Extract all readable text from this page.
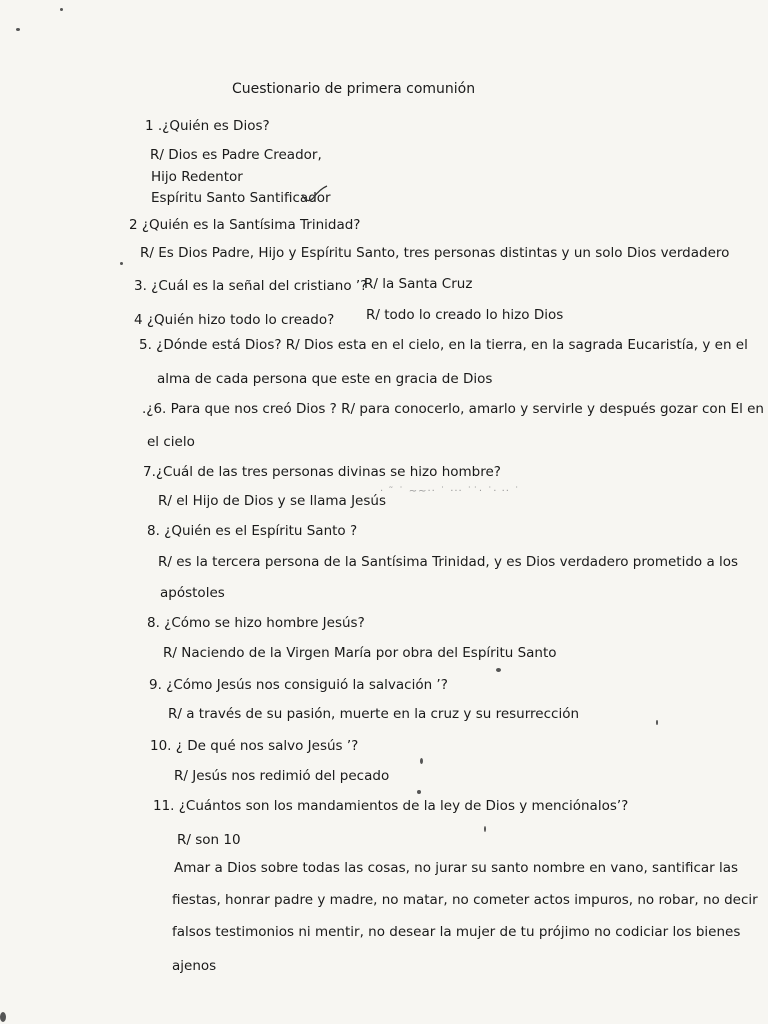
Cuestionario de primera comunión
1 .¿Quién es Dios?
R/ Dios es Padre Creador,
Hijo Redentor
Espíritu Santo Santificador
2 ¿Quién es la Santísima Trinidad?
R/ Es Dios Padre, Hijo y Espíritu Santo, tres personas distintas y un solo Dios verdadero
3. ¿Cuál es la señal del cristiano ’?
R/ la Santa Cruz
4 ¿Quién hizo todo lo creado? R/ todo lo creado lo hizo Dios
5. ¿Dónde está Dios? R/ Dios esta en el cielo, en la tierra, en la sagrada Eucaristía, y en el
alma de cada persona que este en gracia de Dios
.¿6. Para que nos creó Dios ? R/ para conocerlo, amarlo y servirle y después gozar con El en
el cielo
7.¿Cuál de las tres personas divinas se hizo hombre?
R/ el Hijo de Dios y se llama Jesús
8. ¿Quién es el Espíritu Santo ?
R/ es la tercera persona de la Santísima Trinidad, y es Dios verdadero prometido a los
apóstoles
8. ¿Cómo se hizo hombre Jesús?
R/ Naciendo de la Virgen María por obra del Espíritu Santo
9. ¿Cómo Jesús nos consiguió la salvación ’?
R/ a través de su pasión, muerte en la cruz y su resurrección
10. ¿ De qué nos salvo Jesús ’?
R/ Jesús nos redimió del pecado
11. ¿Cuántos son los mandamientos de la ley de Dios y menciónalos’?
R/ son 10
Amar a Dios sobre todas las cosas, no jurar su santo nombre en vano, santificar las
fiestas, honrar padre y madre, no matar, no cometer actos impuros, no robar, no decir
falsos testimonios ni mentir, no desear la mujer de tu prójimo no codiciar los bienes
ajenos
· ˜ ˙ ~~·· ˙ ··· ˙˙· ˙· ·· ˙
